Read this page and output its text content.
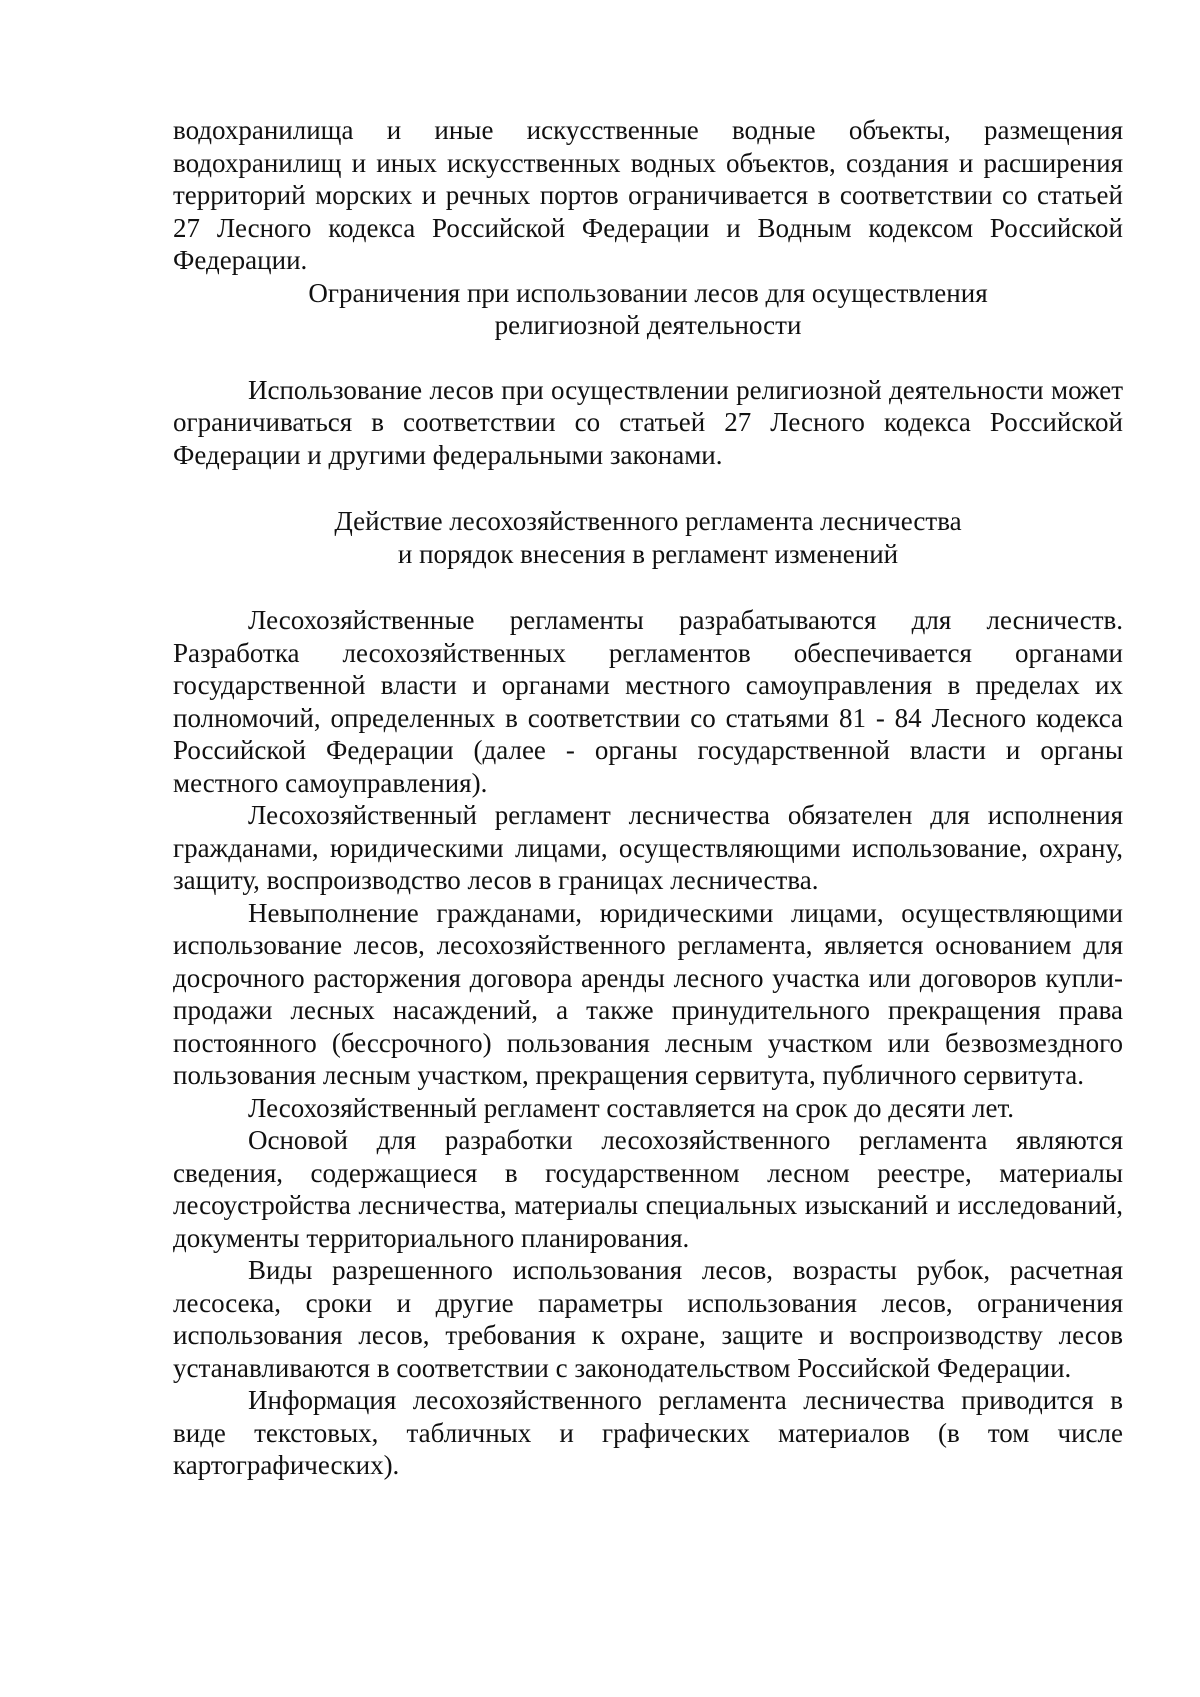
водохранилища и иные искусственные водные объекты, размещения водохранилищ и иных искусственных водных объектов, создания и расширения территорий морских и речных портов ограничивается в соответствии со статьей 27 Лесного кодекса Российской Федерации и Водным кодексом Российской Федерации.

Ограничения при использовании лесов для осуществления
религиозной деятельности

Использование лесов при осуществлении религиозной деятельности может ограничиваться в соответствии со статьей 27 Лесного кодекса Российской Федерации и другими федеральными законами.

Действие лесохозяйственного регламента лесничества
и порядок внесения в регламент изменений

Лесохозяйственные регламенты разрабатываются для лесничеств. Разработка лесохозяйственных регламентов обеспечивается органами государственной власти и органами местного самоуправления в пределах их полномочий, определенных в соответствии со статьями 81 - 84 Лесного кодекса Российской Федерации (далее - органы государственной власти и органы местного самоуправления).

Лесохозяйственный регламент лесничества обязателен для исполнения гражданами, юридическими лицами, осуществляющими использование, охрану, защиту, воспроизводство лесов в границах лесничества.

Невыполнение гражданами, юридическими лицами, осуществляющими использование лесов, лесохозяйственного регламента, является основанием для досрочного расторжения договора аренды лесного участка или договоров купли-продажи лесных насаждений, а также принудительного прекращения права постоянного (бессрочного) пользования лесным участком или безвозмездного пользования лесным участком, прекращения сервитута, публичного сервитута.

Лесохозяйственный регламент составляется на срок до десяти лет.

Основой для разработки лесохозяйственного регламента являются сведения, содержащиеся в государственном лесном реестре, материалы лесоустройства лесничества, материалы специальных изысканий и исследований, документы территориального планирования.

Виды разрешенного использования лесов, возрасты рубок, расчетная лесосека, сроки и другие параметры использования лесов, ограничения использования лесов, требования к охране, защите и воспроизводству лесов устанавливаются в соответствии с законодательством Российской Федерации.

Информация лесохозяйственного регламента лесничества приводится в виде текстовых, табличных и графических материалов (в том числе картографических).
